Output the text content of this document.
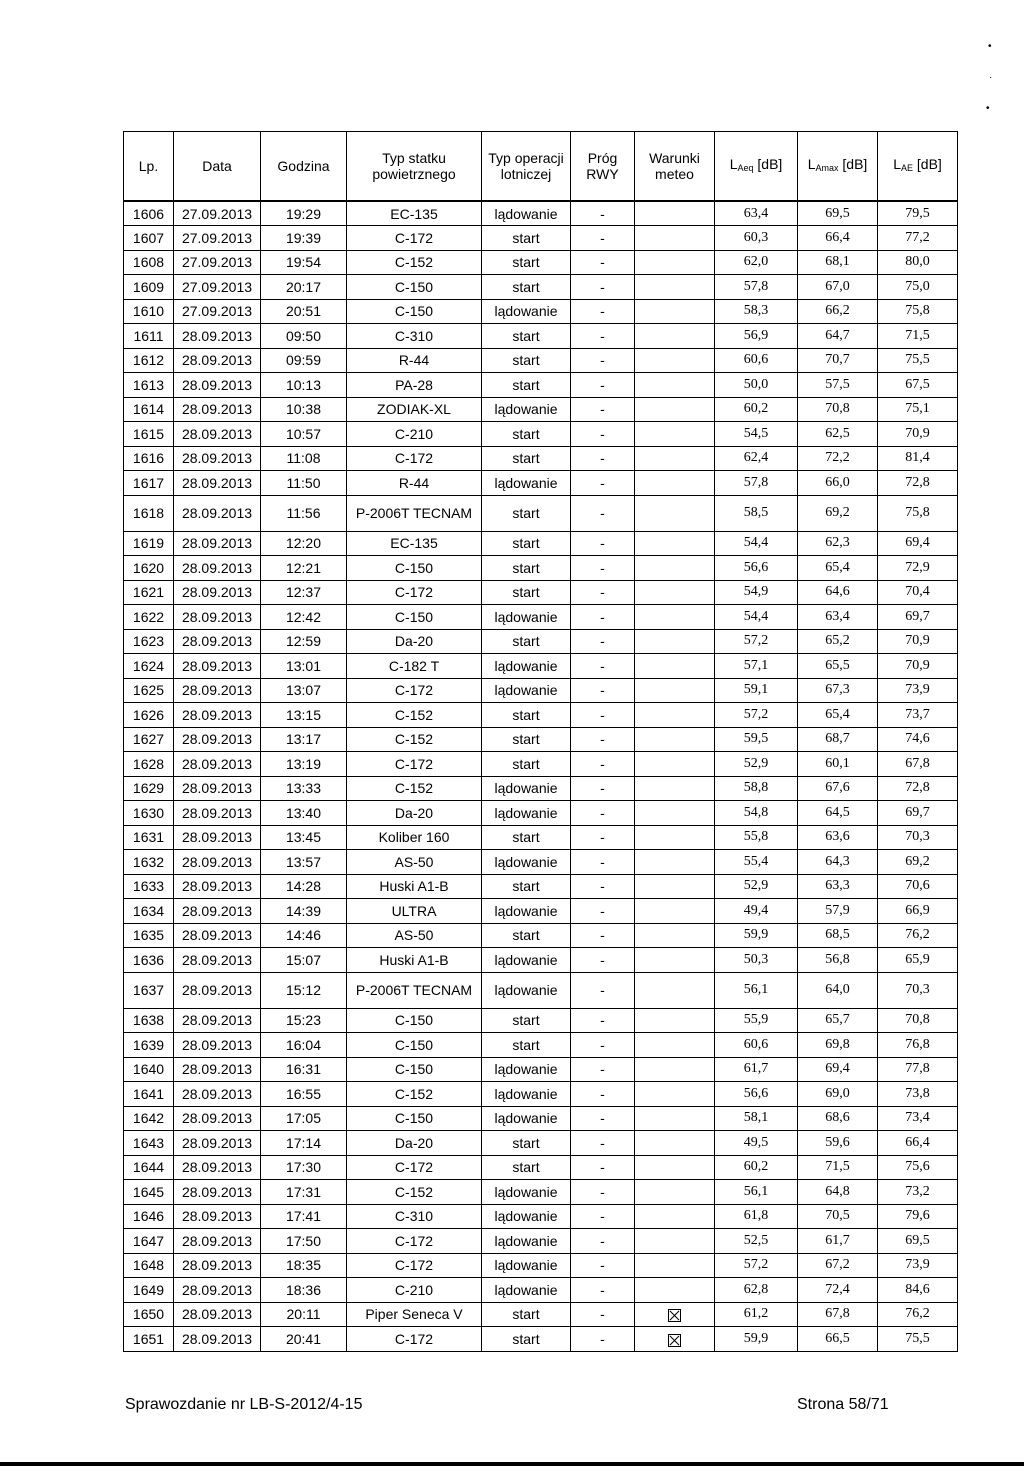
•
·
•
Lp.	Data	Godzina	Typ statku powietrznego	Typ operacji lotniczej	Próg RWY	Warunki meteo	$L_{Aeq}$ [dB]	$L_{Amax}$ [dB]	$L_{AE}$ [dB]
1606	27.09.2013	19:29	EC-135	lądowanie	-		63,4	69,5	79,5
1607	27.09.2013	19:39	C-172	start	-		60,3	66,4	77,2
1608	27.09.2013	19:54	C-152	start	-		62,0	68,1	80,0
1609	27.09.2013	20:17	C-150	start	-		57,8	67,0	75,0
1610	27.09.2013	20:51	C-150	lądowanie	-		58,3	66,2	75,8
1611	28.09.2013	09:50	C-310	start	-		56,9	64,7	71,5
1612	28.09.2013	09:59	R-44	start	-		60,6	70,7	75,5
1613	28.09.2013	10:13	PA-28	start	-		50,0	57,5	67,5
1614	28.09.2013	10:38	ZODIAK-XL	lądowanie	-		60,2	70,8	75,1
1615	28.09.2013	10:57	C-210	start	-		54,5	62,5	70,9
1616	28.09.2013	11:08	C-172	start	-		62,4	72,2	81,4
1617	28.09.2013	11:50	R-44	lądowanie	-		57,8	66,0	72,8
1618	28.09.2013	11:56	P-2006T TECNAM	start	-		58,5	69,2	75,8
1619	28.09.2013	12:20	EC-135	start	-		54,4	62,3	69,4
1620	28.09.2013	12:21	C-150	start	-		56,6	65,4	72,9
1621	28.09.2013	12:37	C-172	start	-		54,9	64,6	70,4
1622	28.09.2013	12:42	C-150	lądowanie	-		54,4	63,4	69,7
1623	28.09.2013	12:59	Da-20	start	-		57,2	65,2	70,9
1624	28.09.2013	13:01	C-182 T	lądowanie	-		57,1	65,5	70,9
1625	28.09.2013	13:07	C-172	lądowanie	-		59,1	67,3	73,9
1626	28.09.2013	13:15	C-152	start	-		57,2	65,4	73,7
1627	28.09.2013	13:17	C-152	start	-		59,5	68,7	74,6
1628	28.09.2013	13:19	C-172	start	-		52,9	60,1	67,8
1629	28.09.2013	13:33	C-152	lądowanie	-		58,8	67,6	72,8
1630	28.09.2013	13:40	Da-20	lądowanie	-		54,8	64,5	69,7
1631	28.09.2013	13:45	Koliber 160	start	-		55,8	63,6	70,3
1632	28.09.2013	13:57	AS-50	lądowanie	-		55,4	64,3	69,2
1633	28.09.2013	14:28	Huski A1-B	start	-		52,9	63,3	70,6
1634	28.09.2013	14:39	ULTRA	lądowanie	-		49,4	57,9	66,9
1635	28.09.2013	14:46	AS-50	start	-		59,9	68,5	76,2
1636	28.09.2013	15:07	Huski A1-B	lądowanie	-		50,3	56,8	65,9
1637	28.09.2013	15:12	P-2006T TECNAM	lądowanie	-		56,1	64,0	70,3
1638	28.09.2013	15:23	C-150	start	-		55,9	65,7	70,8
1639	28.09.2013	16:04	C-150	start	-		60,6	69,8	76,8
1640	28.09.2013	16:31	C-150	lądowanie	-		61,7	69,4	77,8
1641	28.09.2013	16:55	C-152	lądowanie	-		56,6	69,0	73,8
1642	28.09.2013	17:05	C-150	lądowanie	-		58,1	68,6	73,4
1643	28.09.2013	17:14	Da-20	start	-		49,5	59,6	66,4
1644	28.09.2013	17:30	C-172	start	-		60,2	71,5	75,6
1645	28.09.2013	17:31	C-152	lądowanie	-		56,1	64,8	73,2
1646	28.09.2013	17:41	C-310	lądowanie	-		61,8	70,5	79,6
1647	28.09.2013	17:50	C-172	lądowanie	-		52,5	61,7	69,5
1648	28.09.2013	18:35	C-172	lądowanie	-		57,2	67,2	73,9
1649	28.09.2013	18:36	C-210	lądowanie	-		62,8	72,4	84,6
1650	28.09.2013	20:11	Piper Seneca V	start	-		61,2	67,8	76,2
1651	28.09.2013	20:41	C-172	start	-		59,9	66,5	75,5
Sprawozdanie nr LB-S-2012/4-15	Strona 58/71
